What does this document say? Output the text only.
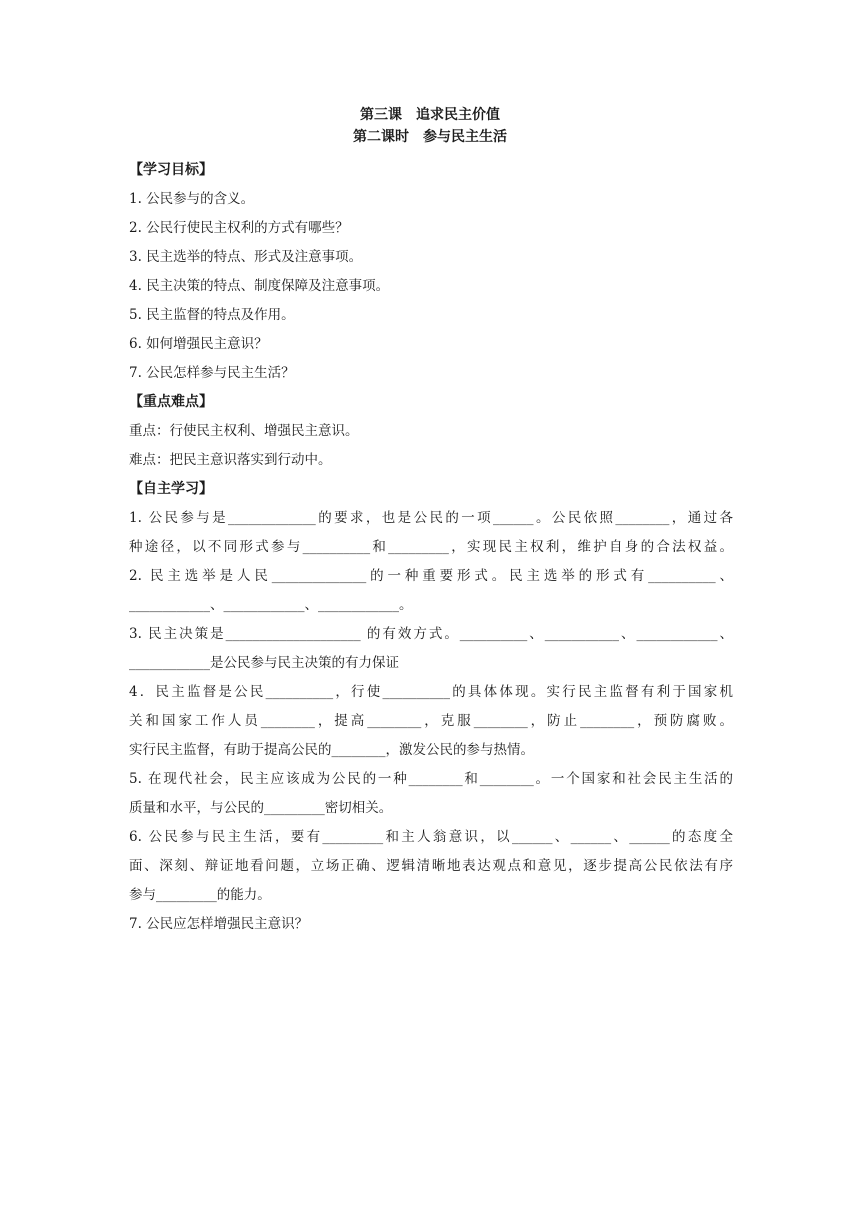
第三课　追求民主价值
第二课时　参与民主生活
【学习目标】
1. 公民参与的含义。
2. 公民行使民主权利的方式有哪些？
3. 民主选举的特点、形式及注意事项。
4. 民主决策的特点、制度保障及注意事项。
5. 民主监督的特点及作用。
6. 如何增强民主意识？
7. 公民怎样参与民主生活？
【重点难点】
重点：行使民主权利、增强民主意识。
难点：把民主意识落实到行动中。
【自主学习】
1. 公民参与是_____________的要求，也是公民的一项______。公民依照________，通过各
种途径，以不同形式参与__________和_________，实现民主权利，维护自身的合法权益。
2. 民主选举是人民______________的一种重要形式。民主选举的形式有__________、
____________、____________、____________。
3. 民主决策是____________________ 的有效方式。__________、___________、____________、
____________是公民参与民主决策的有力保证
4．民主监督是公民__________，行使__________的具体体现。实行民主监督有利于国家机
关和国家工作人员________，提高________，克服________，防止________，预防腐败。
实行民主监督，有助于提高公民的________，激发公民的参与热情。
5. 在现代社会，民主应该成为公民的一种________和________。一个国家和社会民主生活的
质量和水平，与公民的_________密切相关。
6. 公民参与民主生活，要有_________和主人翁意识，以______、______、______的态度全
面、深刻、辩证地看问题，立场正确、逻辑清晰地表达观点和意见，逐步提高公民依法有序
参与_________的能力。
7. 公民应怎样增强民主意识？
